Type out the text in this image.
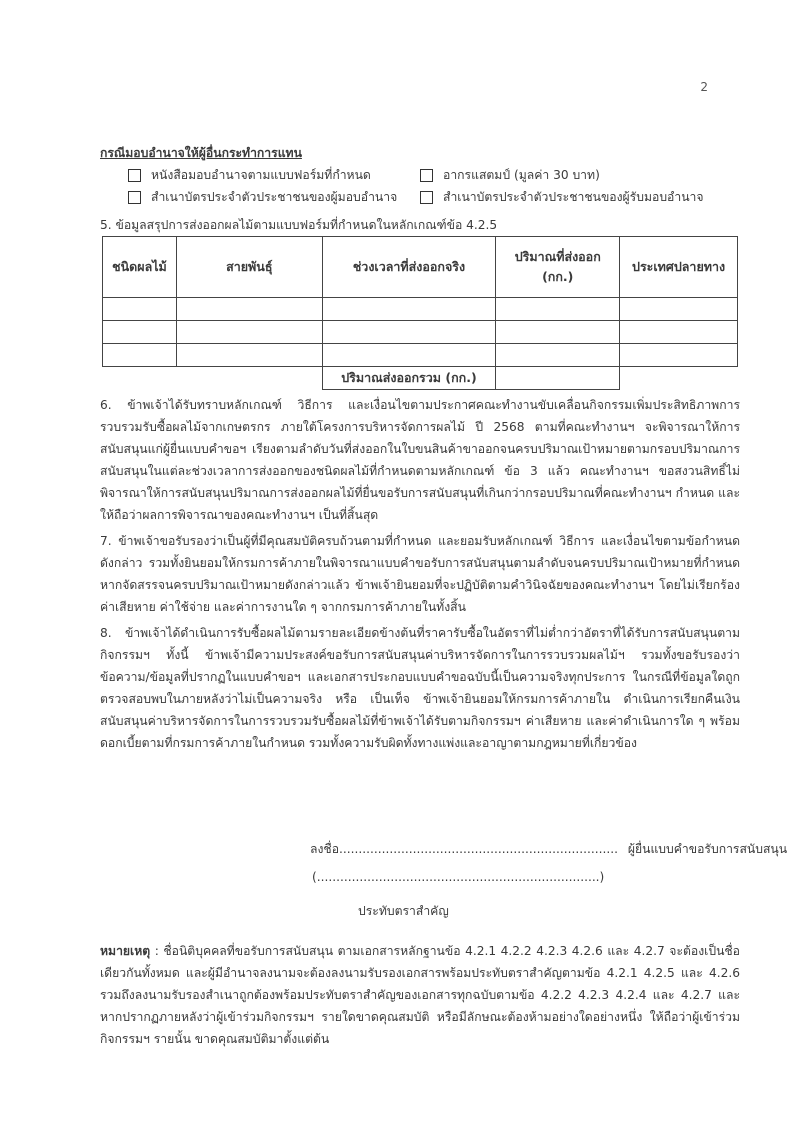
2
กรณีมอบอำนาจให้ผู้อื่นกระทำการแทน
หนังสือมอบอำนาจตามแบบฟอร์มที่กำหนด	อากรแสตมป์ (มูลค่า 30 บาท)
สำเนาบัตรประจำตัวประชาชนของผู้มอบอำนาจ	สำเนาบัตรประจำตัวประชาชนของผู้รับมอบอำนาจ
5. ข้อมูลสรุปการส่งออกผลไม้ตามแบบฟอร์มที่กำหนดในหลักเกณฑ์ข้อ 4.2.5
ชนิดผลไม้	สายพันธุ์	ช่วงเวลาที่ส่งออกจริง	ปริมาณที่ส่งออก (กก.)	ประเทศปลายทาง

		ปริมาณส่งออกรวม (กก.)		

6. ข้าพเจ้าได้รับทราบหลักเกณฑ์ วิธีการ และเงื่อนไขตามประกาศคณะทำงานขับเคลื่อนกิจกรรมเพิ่มประสิทธิภาพการรวบรวมรับซื้อผลไม้จากเกษตรกร ภายใต้โครงการบริหารจัดการผลไม้ ปี 2568 ตามที่คณะทำงานฯ จะพิจารณาให้การสนับสนุนแก่ผู้ยื่นแบบคำขอฯ เรียงตามลำดับวันที่ส่งออกในใบขนสินค้าขาออกจนครบปริมาณเป้าหมายตามกรอบปริมาณการสนับสนุนในแต่ละช่วงเวลาการส่งออกของชนิดผลไม้ที่กำหนดตามหลักเกณฑ์ ข้อ 3 แล้ว คณะทำงานฯ ขอสงวนสิทธิ์ไม่พิจารณาให้การสนับสนุนปริมาณการส่งออกผลไม้ที่ยื่นขอรับการสนับสนุนที่เกินกว่ากรอบปริมาณที่คณะทำงานฯ กำหนด และให้ถือว่าผลการพิจารณาของคณะทำงานฯ เป็นที่สิ้นสุด

7. ข้าพเจ้าขอรับรองว่าเป็นผู้ที่มีคุณสมบัติครบถ้วนตามที่กำหนด และยอมรับหลักเกณฑ์ วิธีการ และเงื่อนไขตามข้อกำหนดดังกล่าว รวมทั้งยินยอมให้กรมการค้าภายในพิจารณาแบบคำขอรับการสนับสนุนตามลำดับจนครบปริมาณเป้าหมายที่กำหนด หากจัดสรรจนครบปริมาณเป้าหมายดังกล่าวแล้ว ข้าพเจ้ายินยอมที่จะปฏิบัติตามคำวินิจฉัยของคณะทำงานฯ โดยไม่เรียกร้องค่าเสียหาย ค่าใช้จ่าย และค่าการงานใด ๆ จากกรมการค้าภายในทั้งสิ้น

8. ข้าพเจ้าได้ดำเนินการรับซื้อผลไม้ตามรายละเอียดข้างต้นที่ราคารับซื้อในอัตราที่ไม่ต่ำกว่าอัตราที่ได้รับการสนับสนุนตามกิจกรรมฯ ทั้งนี้ ข้าพเจ้ามีความประสงค์ขอรับการสนับสนุนค่าบริหารจัดการในการรวบรวมผลไม้ฯ รวมทั้งขอรับรองว่า ข้อความ/ข้อมูลที่ปรากฏในแบบคำขอฯ และเอกสารประกอบแบบคำขอฉบับนี้เป็นความจริงทุกประการ ในกรณีที่ข้อมูลใดถูกตรวจสอบพบในภายหลังว่าไม่เป็นความจริง หรือ เป็นเท็จ ข้าพเจ้ายินยอมให้กรมการค้าภายใน ดำเนินการเรียกคืนเงินสนับสนุนค่าบริหารจัดการในการรวบรวมรับซื้อผลไม้ที่ข้าพเจ้าได้รับตามกิจกรรมฯ ค่าเสียหาย และค่าดำเนินการใด ๆ พร้อมดอกเบี้ยตามที่กรมการค้าภายในกำหนด รวมทั้งความรับผิดทั้งทางแพ่งและอาญาตามกฎหมายที่เกี่ยวข้อง

ลงชื่อ........................................................................ ผู้ยื่นแบบคำขอรับการสนับสนุน
(.........................................................................)
ประทับตราสำคัญ

หมายเหตุ : ชื่อนิติบุคคลที่ขอรับการสนับสนุน ตามเอกสารหลักฐานข้อ 4.2.1 4.2.2 4.2.3 4.2.6 และ 4.2.7 จะต้องเป็นชื่อเดียวกันทั้งหมด และผู้มีอำนาจลงนามจะต้องลงนามรับรองเอกสารพร้อมประทับตราสำคัญตามข้อ 4.2.1 4.2.5 และ 4.2.6 รวมถึงลงนามรับรองสำเนาถูกต้องพร้อมประทับตราสำคัญของเอกสารทุกฉบับตามข้อ 4.2.2 4.2.3 4.2.4 และ 4.2.7 และหากปรากฏภายหลังว่าผู้เข้าร่วมกิจกรรมฯ รายใดขาดคุณสมบัติ หรือมีลักษณะต้องห้ามอย่างใดอย่างหนึ่ง ให้ถือว่าผู้เข้าร่วมกิจกรรมฯ รายนั้น ขาดคุณสมบัติมาตั้งแต่ต้น
